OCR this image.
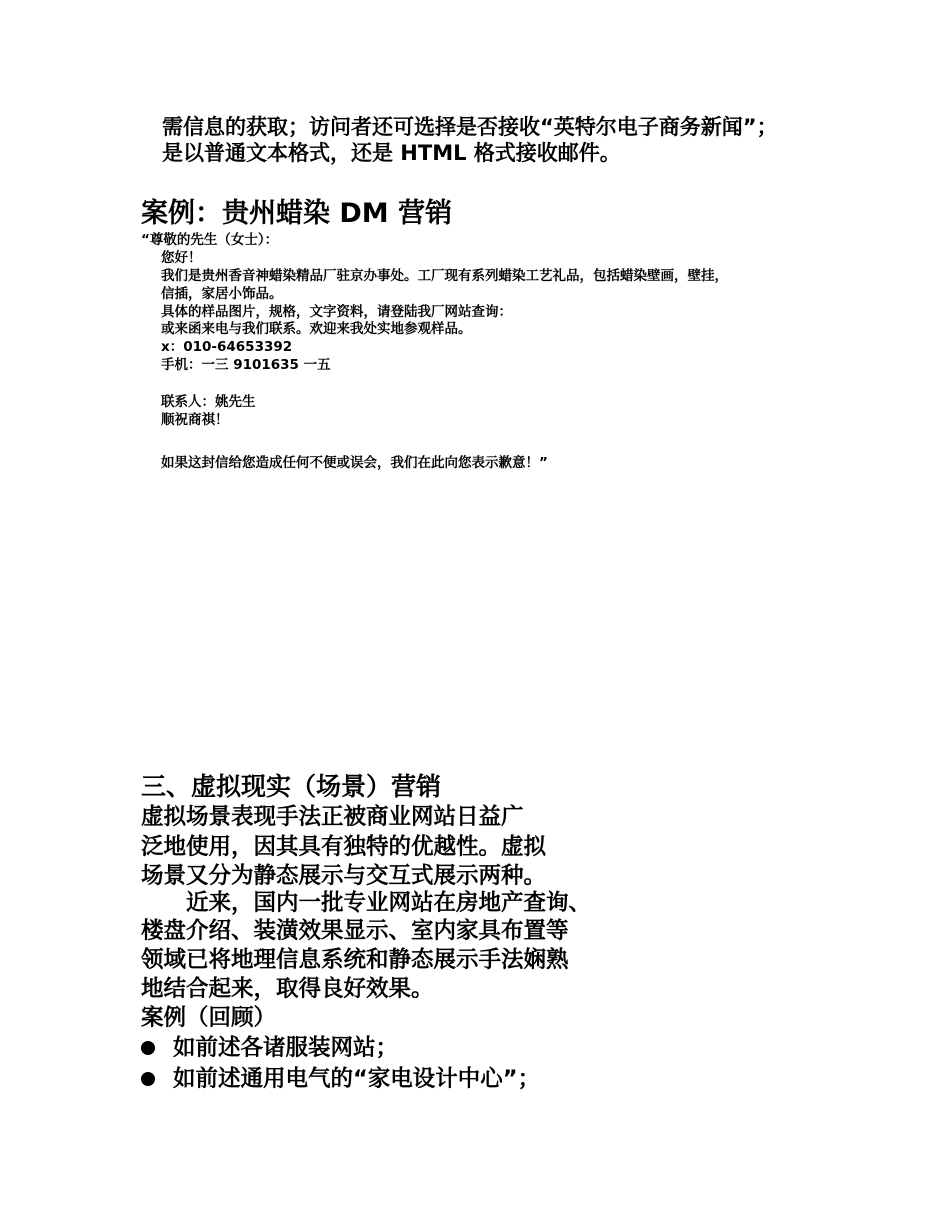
需信息的获取；访问者还可选择是否接收“英特尔电子商务新闻”；
是以普通文本格式，还是 HTML 格式接收邮件。
案例：贵州蜡染 DM 营销
“尊敬的先生（女士）：
您好！
我们是贵州香音神蜡染精品厂驻京办事处。工厂现有系列蜡染工艺礼品，包括蜡染壁画，壁挂，
信插，家居小饰品。
具体的样品图片，规格，文字资料，请登陆我厂网站查询：
或来函来电与我们联系。欢迎来我处实地参观样品。
x：010-64653392
手机：一三 9101635 一五
联系人：姚先生
顺祝商祺！
如果这封信给您造成任何不便或误会，我们在此向您表示歉意！”
三、虚拟现实（场景）营销
虚拟场景表现手法正被商业网站日益广
泛地使用，因其具有独特的优越性。虚拟
场景又分为静态展示与交互式展示两种。
　　近来，国内一批专业网站在房地产查询、
楼盘介绍、装潢效果显示、室内家具布置等
领域已将地理信息系统和静态展示手法娴熟
地结合起来，取得良好效果。
案例（回顾）
如前述各诸服装网站；
如前述通用电气的“家电设计中心”；
